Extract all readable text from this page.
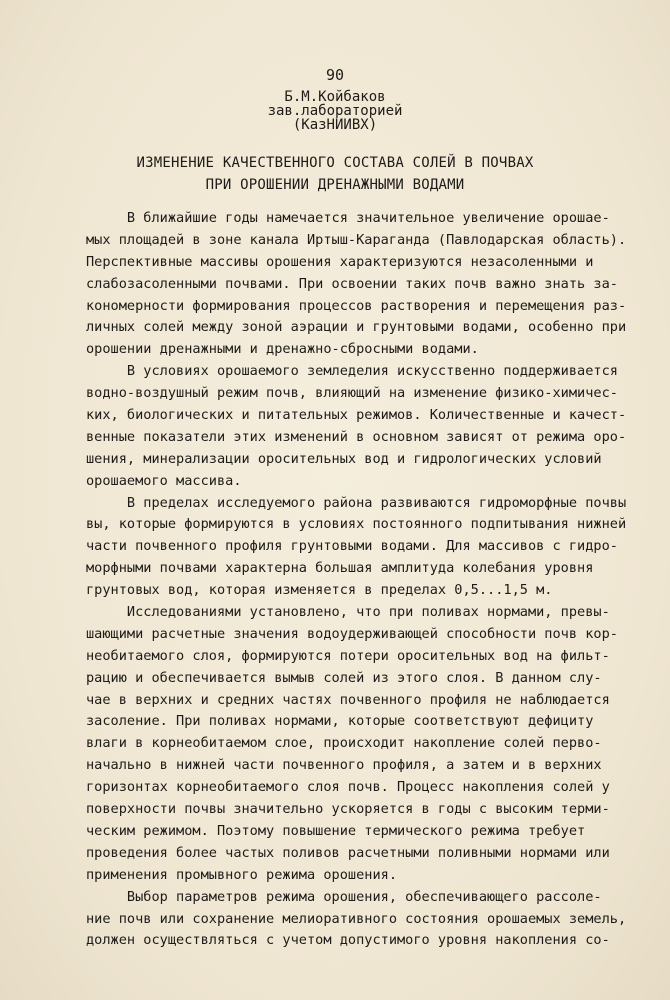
90
Б.М.Койбаков
зав.лабораторией
(КазНИИВХ)
ИЗМЕНЕНИЕ КАЧЕСТВЕННОГО СОСТАВА СОЛЕЙ В ПОЧВАХ
ПРИ ОРОШЕНИИ ДРЕНАЖНЫМИ ВОДАМИ
В ближайшие годы намечается значительное увеличение орошае-
мых площадей в зоне канала Иртыш-Караганда (Павлодарская область).
Перспективные массивы орошения характеризуются незасоленными и
слабозасоленными почвами. При освоении таких почв важно знать за-
кономерности формирования процессов растворения и перемещения раз-
личных солей между зоной аэрации и грунтовыми водами, особенно при
орошении дренажными и дренажно-сбросными водами.
В условиях орошаемого земледелия искусственно поддерживается
водно-воздушный режим почв, влияющий на изменение физико-химичес-
ких, биологических и питательных режимов. Количественные и качест-
венные показатели этих изменений в основном зависят от режима оро-
шения, минерализации оросительных вод и гидрологических условий
орошаемого массива.
В пределах исследуемого района развиваются гидроморфные почвы
вы, которые формируются в условиях постоянного подпитывания нижней
части почвенного профиля грунтовыми водами. Для массивов с гидро-
морфными почвами характерна большая амплитуда колебания уровня
грунтовых вод, которая изменяется в пределах 0,5...1,5 м.
Исследованиями установлено, что при поливах нормами, превы-
шающими расчетные значения водоудерживающей способности почв кор-
необитаемого слоя, формируются потери оросительных вод на фильт-
рацию и обеспечивается вымыв солей из этого слоя. В данном слу-
чае в верхних и средних частях почвенного профиля не наблюдается
засоление. При поливах нормами, которые соответствуют дефициту
влаги в корнеобитаемом слое, происходит накопление солей перво-
начально в нижней части почвенного профиля, а затем и в верхних
горизонтах корнеобитаемого слоя почв. Процесс накопления солей у
поверхности почвы значительно ускоряется в годы с высоким терми-
ческим режимом. Поэтому повышение термического режима требует
проведения более частых поливов расчетными поливными нормами или
применения промывного режима орошения.
Выбор параметров режима орошения, обеспечивающего рассоле-
ние почв или сохранение мелиоративного состояния орошаемых земель,
должен осуществляться с учетом допустимого уровня накопления со-
